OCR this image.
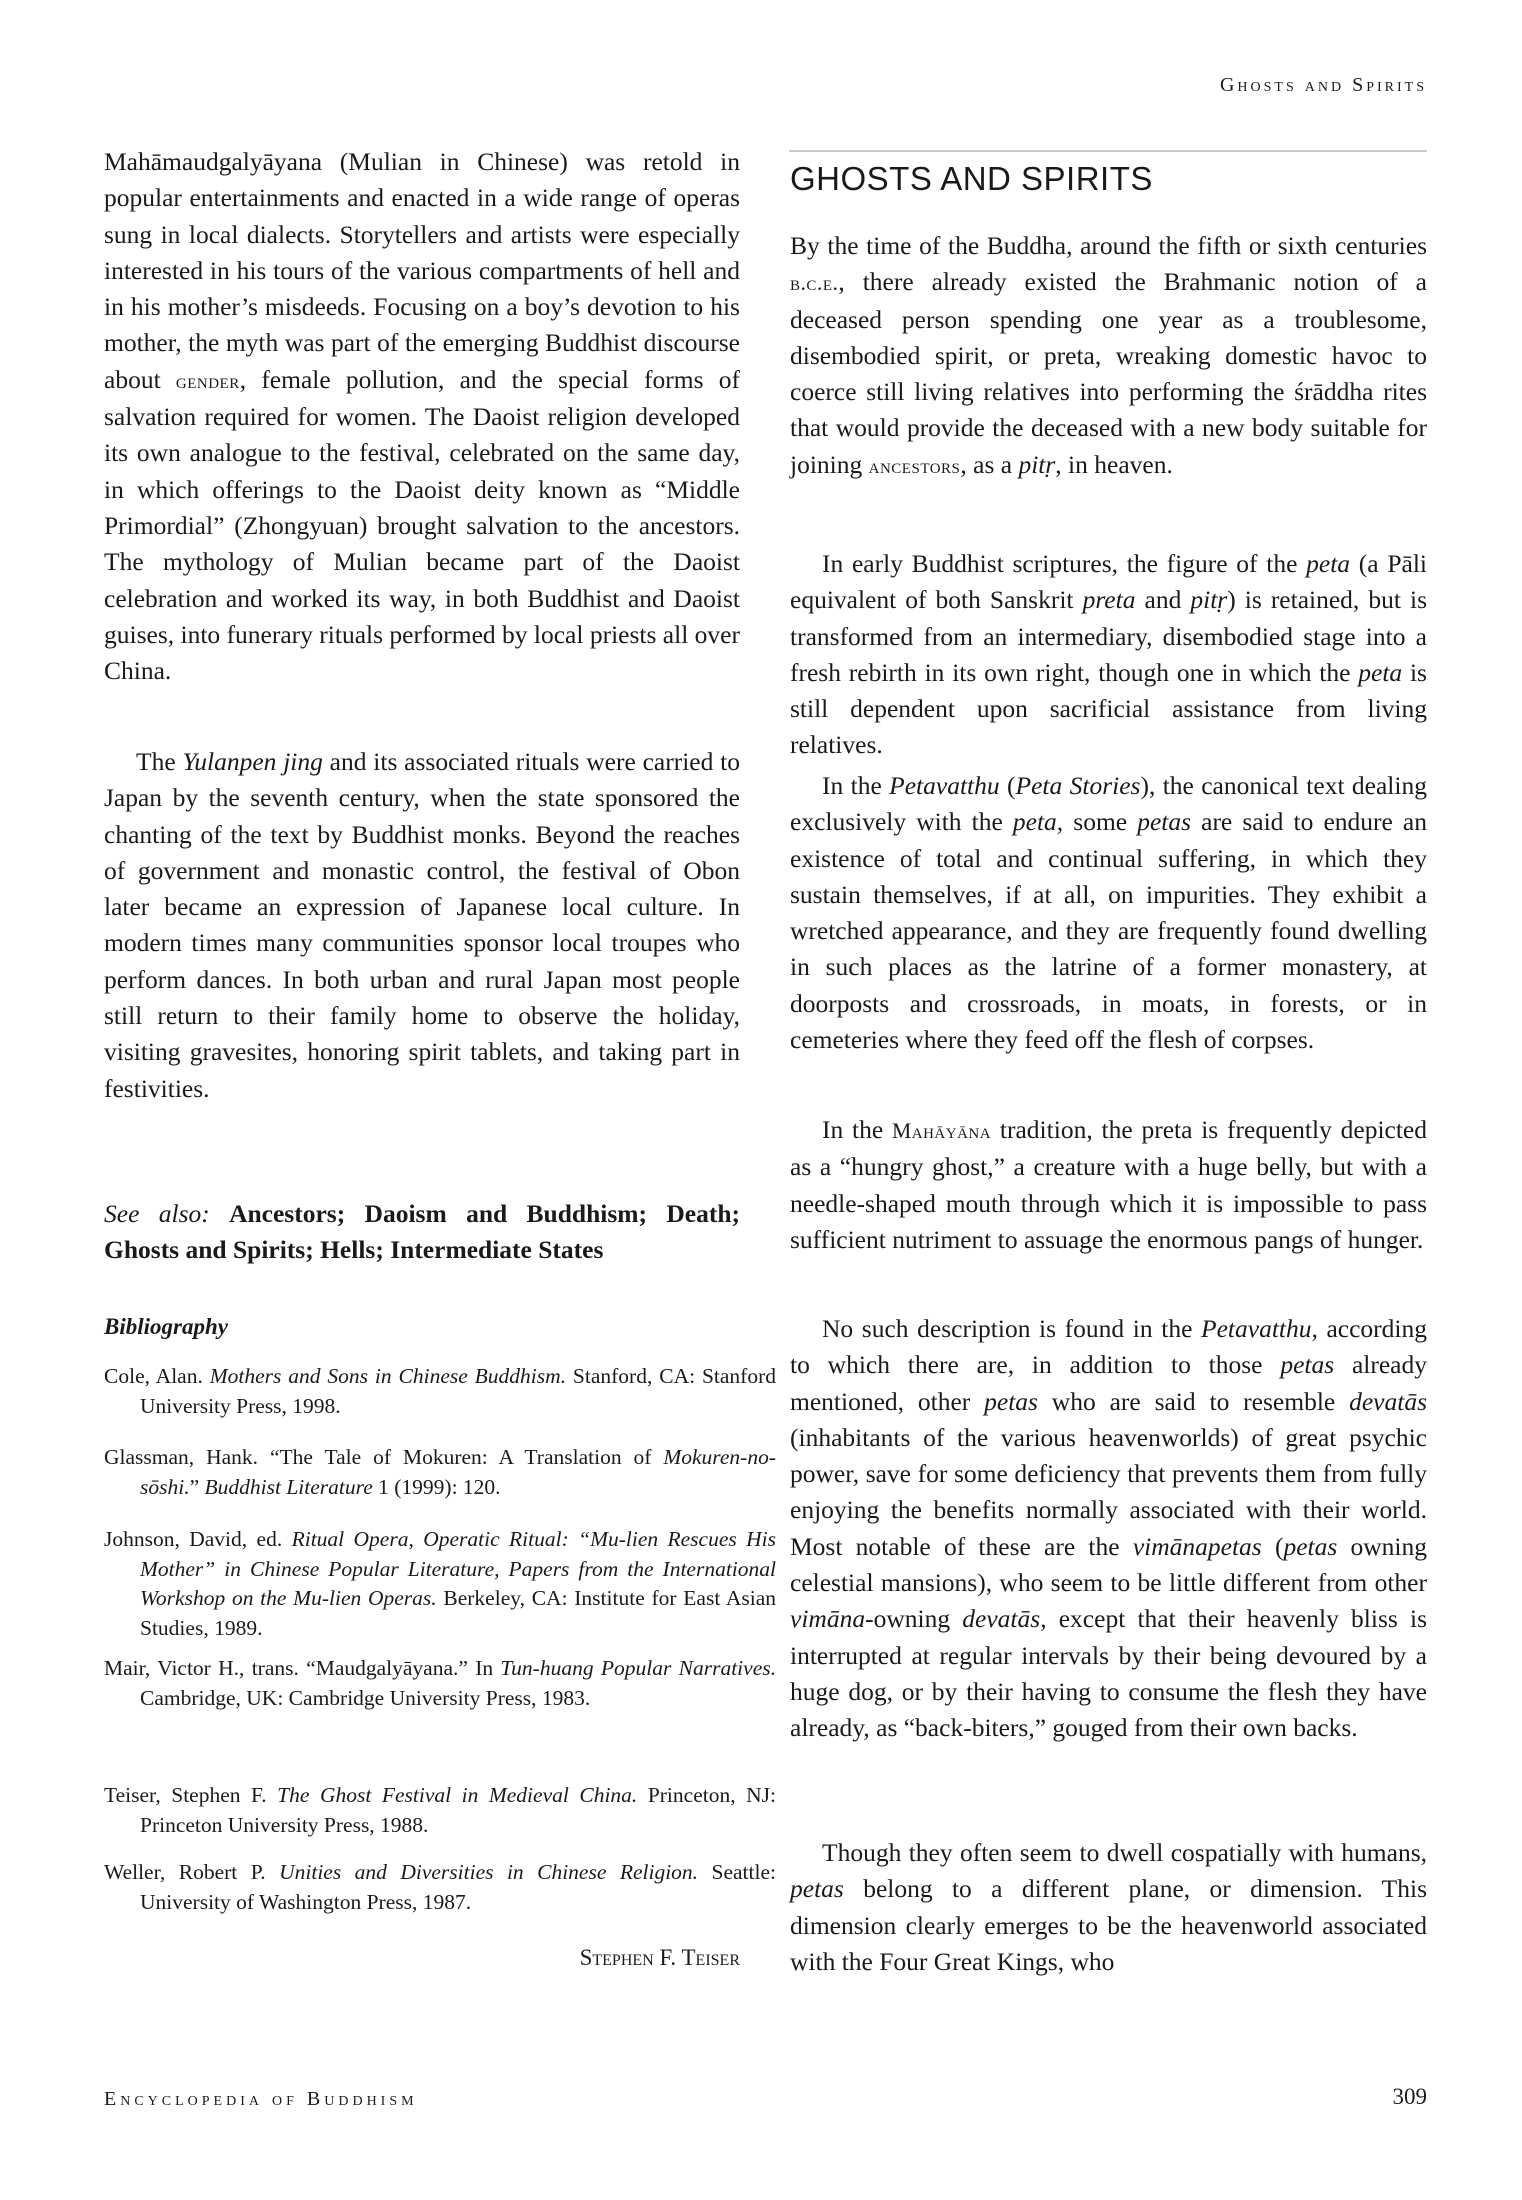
Ghosts and Spirits
GHOSTS AND SPIRITS
Mahāmaudgalyāyana (Mulian in Chinese) was retold in popular entertainments and enacted in a wide range of operas sung in local dialects. Storytellers and artists were especially interested in his tours of the various compartments of hell and in his mother’s misdeeds. Focusing on a boy’s devotion to his mother, the myth was part of the emerging Buddhist discourse about gender, female pollution, and the special forms of salvation required for women. The Daoist religion developed its own analogue to the festival, celebrated on the same day, in which offerings to the Daoist deity known as “Middle Primordial” (Zhongyuan) brought salvation to the ancestors. The mythology of Mulian became part of the Daoist celebration and worked its way, in both Buddhist and Daoist guises, into funerary rituals performed by local priests all over China.
The Yulanpen jing and its associated rituals were carried to Japan by the seventh century, when the state sponsored the chanting of the text by Buddhist monks. Beyond the reaches of government and monastic control, the festival of Obon later became an expression of Japanese local culture. In modern times many communities sponsor local troupes who perform dances. In both urban and rural Japan most people still return to their family home to observe the holiday, visiting gravesites, honoring spirit tablets, and taking part in festivities.
See also: Ancestors; Daoism and Buddhism; Death; Ghosts and Spirits; Hells; Intermediate States
Bibliography
Cole, Alan. Mothers and Sons in Chinese Buddhism. Stanford, CA: Stanford University Press, 1998.
Glassman, Hank. “The Tale of Mokuren: A Translation of Mokuren-no-sōshi.” Buddhist Literature 1 (1999): 120.
Johnson, David, ed. Ritual Opera, Operatic Ritual: “Mu-lien Rescues His Mother” in Chinese Popular Literature, Papers from the International Workshop on the Mu-lien Operas. Berkeley, CA: Institute for East Asian Studies, 1989.
Mair, Victor H., trans. “Maudgalyāyana.” In Tun-huang Popular Narratives. Cambridge, UK: Cambridge University Press, 1983.
Teiser, Stephen F. The Ghost Festival in Medieval China. Princeton, NJ: Princeton University Press, 1988.
Weller, Robert P. Unities and Diversities in Chinese Religion. Seattle: University of Washington Press, 1987.
By the time of the Buddha, around the fifth or sixth centuries b.c.e., there already existed the Brahmanic notion of a deceased person spending one year as a troublesome, disembodied spirit, or preta, wreaking domestic havoc to coerce still living relatives into performing the śrāddha rites that would provide the deceased with a new body suitable for joining ancestors, as a pitṛ, in heaven.
In early Buddhist scriptures, the figure of the peta (a Pāli equivalent of both Sanskrit preta and pitṛ) is retained, but is transformed from an intermediary, disembodied stage into a fresh rebirth in its own right, though one in which the peta is still dependent upon sacrificial assistance from living relatives.
In the Petavatthu (Peta Stories), the canonical text dealing exclusively with the peta, some petas are said to endure an existence of total and continual suffering, in which they sustain themselves, if at all, on impurities. They exhibit a wretched appearance, and they are frequently found dwelling in such places as the latrine of a former monastery, at doorposts and crossroads, in moats, in forests, or in cemeteries where they feed off the flesh of corpses.
In the Mahāyāna tradition, the preta is frequently depicted as a “hungry ghost,” a creature with a huge belly, but with a needle-shaped mouth through which it is impossible to pass sufficient nutriment to assuage the enormous pangs of hunger.
No such description is found in the Petavatthu, according to which there are, in addition to those petas already mentioned, other petas who are said to resemble devatās (inhabitants of the various heavenworlds) of great psychic power, save for some deficiency that prevents them from fully enjoying the benefits normally associated with their world. Most notable of these are the vimānapetas (petas owning celestial mansions), who seem to be little different from other vimāna-owning devatās, except that their heavenly bliss is interrupted at regular intervals by their being devoured by a huge dog, or by their having to consume the flesh they have already, as “back-biters,” gouged from their own backs.
Though they often seem to dwell cospatially with humans, petas belong to a different plane, or dimension. This dimension clearly emerges to be the heavenworld associated with the Four Great Kings, who
Stephen F. Teiser
Encyclopedia of Buddhism	309
